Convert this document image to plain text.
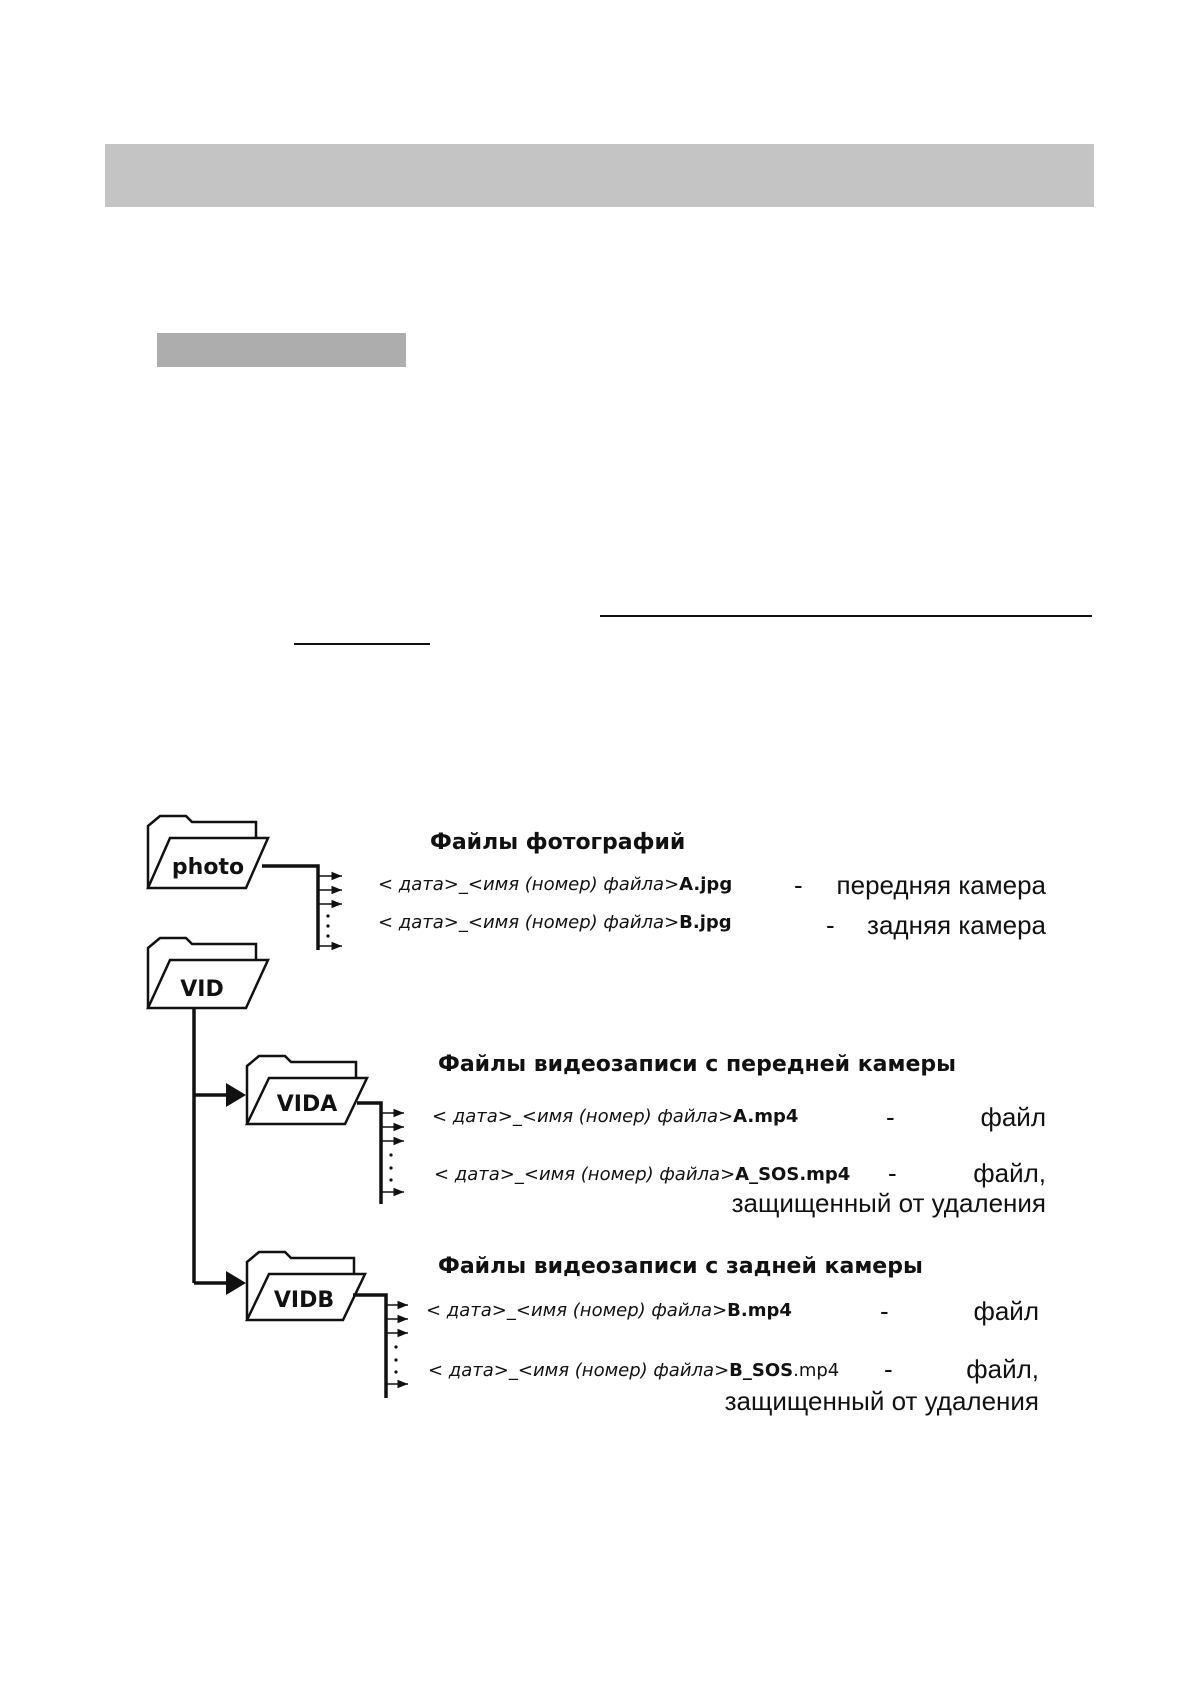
photo
VID
VIDA
VIDB
Файлы фотографий
< дата>_<имя (номер) файла>A.jpg - передняя камера
< дата>_<имя (номер) файла>B.jpg	- задняя камера
Файлы видеозаписи с передней камеры
< дата>_<имя (номер) файла>A.mp4	-	файл
< дата>_<имя (номер) файла>A_SOS.mp4 -	файл,
защищенный от удаления
Файлы видеозаписи с задней камеры
< дата>_<имя (номер) файла>B.mp4	-	файл
< дата>_<имя (номер) файла>B_SOS.mp4 -	файл,
защищенный от удаления
